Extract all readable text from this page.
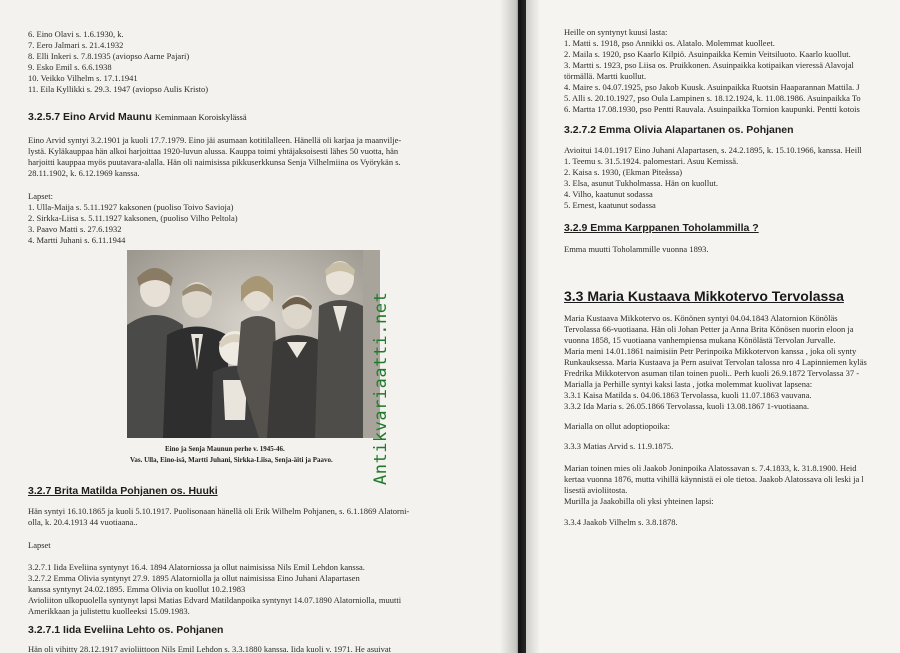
6. Eino Olavi s. 1.6.1930, k.
7. Eero Jalmari s. 21.4.1932
8. Elli Inkeri s. 7.8.1935 (aviopso Aarne Pajari)
9. Esko Emil s. 6.6.1938
10. Veikko Vilhelm s. 17.1.1941
11. Eila Kyllikki s. 29.3. 1947 (aviopso Aulis Kristo)
3.2.5.7 Eino Arvid Maunu Keminmaan Koroiskylässä
Eino Arvid syntyi 3.2.1901 ja kuoli 17.7.1979. Eino jäi asumaan kotitilalleen. Hänellä oli karjaa ja maanvilje-
lystä. Kyläkauppaa hän alkoi harjoittaa 1920-luvun alussa. Kauppa toimi yhtäjaksoisesti lähes 50 vuotta, hän
harjoitti kauppaa myös puutavara-alalla. Hän oli naimisissa pikkuserkkunsa Senja Vilhelmiina os Vyörykän s.
28.11.1902, k. 6.12.1969 kanssa.
Lapset:
1. Ulla-Maija s. 5.11.1927 kaksonen (puoliso Toivo Savioja)
2. Sirkka-Liisa s. 5.11.1927 kaksonen, (puoliso Vilho Peltola)
3. Paavo Matti s. 27.6.1932
4. Martti Juhani s. 6.11.1944
Eino ja Senja Maunun perhe v. 1945-46.
Vas. Ulla, Eino-isä, Martti Juhani, Sirkka-Liisa, Senja-äiti ja Paavo.
3.2.7 Brita Matilda Pohjanen os. Huuki
Hän syntyi 16.10.1865 ja kuoli 5.10.1917. Puolisonaan hänellä oli Erik Wilhelm Pohjanen, s. 6.1.1869 Alatorni-
olla, k. 20.4.1913 44 vuotiaana..
Lapset
3.2.7.1 Iida Eveliina syntynyt 16.4. 1894 Alatorniossa ja ollut naimisissa Nils Emil Lehdon kanssa.
3.2.7.2 Emma Olivia syntynyt 27.9. 1895 Alatorniolla ja ollut naimisissa Eino Juhani Alapartasen
kanssa syntynyt 24.02.1895. Emma Olivia on kuollut 10.2.1983
Avioliiton ulkopuolella syntynyt lapsi Matias Edvard Matildanpoika syntynyt 14.07.1890 Alatorniolla, muutti
Amerikkaan ja julistettu kuolleeksi 15.09.1983.
3.2.7.1 Iida Eveliina Lehto os. Pohjanen
Hän oli vihitty 28.12.1917 avioliittoon Nils Emil Lehdon s. 3.3.1880 kanssa. Iida kuoli v. 1971. He asuivat
Heille on syntynyt kuusi lasta:
1. Matti s. 1918, pso Annikki os. Alatalo. Molemmat kuolleet.
2. Maila s. 1920, pso Kaarlo Kilpiö. Asuinpaikka Kemin Veitsiluoto. Kaarlo kuollut.
3. Martti s. 1923, pso Liisa os. Pruikkonen. Asuinpaikka kotipaikan vieressä Alavojal
törmällä. Martti kuollut.
4. Maire s. 04.07.1925, pso Jakob Kuusk. Asuinpaikka Ruotsin Haaparannan Mattila. J
5. Alli s. 20.10.1927, pso Oula Lampinen s. 18.12.1924, k. 11.08.1986. Asuinpaikka To
6. Martta 17.08.1930, pso Pentti Rauvala. Asuinpaikka Tornion kaupunki. Pentti kotois
3.2.7.2 Emma Olivia Alapartanen os. Pohjanen
Avioitui 14.01.1917 Eino Juhani Alapartasen, s. 24.2.1895, k. 15.10.1966, kanssa. Heill
1. Teemu s. 31.5.1924. palomestari. Asuu Kemissä.
2. Kaisa s. 1930, (Ekman Piteåssa)
3. Elsa, asunut Tukholmassa. Hän on kuollut.
4. Vilho, kaatunut sodassa
5. Ernest, kaatunut sodassa
3.2.9 Emma Karppanen Toholammilla ?
Emma muutti Toholammille vuonna 1893.
3.3 Maria Kustaava Mikkotervo Tervolassa
Maria Kustaava Mikkotervo os. Könönen syntyi 04.04.1843 Alatornion Könöläs
Tervolassa 66-vuotiaana. Hän oli Johan Petter ja Anna Brita Könösen nuorin eloon ja
vuonna 1858, 15 vuotiaana vanhempiensa mukana Könölästä Tervolan Jurvalle.
Maria meni 14.01.1861 naimisiin Petr Perinpoika Mikkotervon kanssa , joka oli synty
Runkauksessa. Maria Kustaava ja Pern asuivat Tervolan talossa nro 4 Lapinniemen kyläs
Fredrika Mikkotervon asuman tilan toinen puoli.. Perh kuoli 26.9.1872 Tervolassa 37 -
Mariallа ja Perhille syntyi kaksi lasta , jotka molemmat kuolivat lapsena:
3.3.1 Kaisa Matilda s. 04.06.1863 Tervolassa, kuoli 11.07.1863 vauvana.
3.3.2 Ida Maria s. 26.05.1866 Tervolassa, kuoli 13.08.1867 1-vuotiaana.
Mariallа on ollut adoptiopoika:
3.3.3 Matias Arvid s. 11.9.1875.
Marian toinen mies oli Jaakob Joninpoika Alatossavan s. 7.4.1833, k. 31.8.1900. Heid
kertaa vuonna 1876, mutta vihillä käynnistä ei ole tietoa. Jaakob Alatossava oli leski ja l
lisestä avioliitosta.
Murilla ja Jaakobilla oli yksi yhteinen lapsi:
3.3.4 Jaakob Vilhelm s. 3.8.1878.
Antikvariaatti.net
